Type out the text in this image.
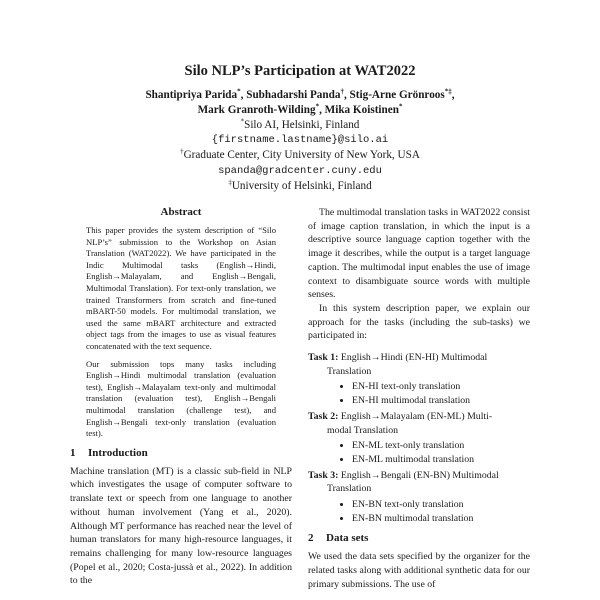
Silo NLP’s Participation at WAT2022
Shantipriya Parida*, Subhadarshi Panda†, Stig-Arne Grönroos*‡,
Mark Granroth-Wilding*, Mika Koistinen*
*Silo AI, Helsinki, Finland
{firstname.lastname}@silo.ai
†Graduate Center, City University of New York, USA
spanda@gradcenter.cuny.edu
‡University of Helsinki, Finland
Abstract

This paper provides the system description of “Silo NLP’s” submission to the Workshop on Asian Translation (WAT2022). We have participated in the Indic Multimodal tasks (English→Hindi, English→Malayalam, and English→Bengali, Multimodal Translation). For text-only translation, we trained Transformers from scratch and fine-tuned mBART-50 models. For multimodal translation, we used the same mBART architecture and extracted object tags from the images to use as visual features concatenated with the text sequence.

Our submission tops many tasks including English→Hindi multimodal translation (evaluation test), English→Malayalam text-only and multimodal translation (evaluation test), English→Bengali multimodal translation (challenge test), and English→Bengali text-only translation (evaluation test).

1 Introduction

Machine translation (MT) is a classic sub-field in NLP which investigates the usage of computer software to translate text or speech from one language to another without human involvement (Yang et al., 2020). Although MT performance has reached near the level of human translators for many high-resource languages, it remains challenging for many low-resource languages (Popel et al., 2020; Costa-jussà et al., 2022). In addition to the

The multimodal translation tasks in WAT2022 consist of image caption translation, in which the input is a descriptive source language caption together with the image it describes, while the output is a target language caption. The multimodal input enables the use of image context to disambiguate source words with multiple senses.

In this system description paper, we explain our approach for the tasks (including the sub-tasks) we participated in:

Task 1: English→Hindi (EN-HI) Multimodal
Translation
• EN-HI text-only translation
• EN-HI multimodal translation
Task 2: English→Malayalam (EN-ML) Multi-
modal Translation
• EN-ML text-only translation
• EN-ML multimodal translation
Task 3: English→Bengali (EN-BN) Multimodal
Translation
• EN-BN text-only translation
• EN-BN multimodal translation
2 Data sets

We used the data sets specified by the organizer for the related tasks along with additional synthetic data for our primary submissions. The use of
